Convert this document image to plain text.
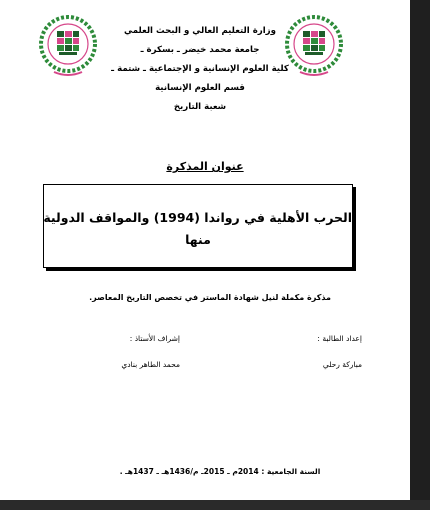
وزارة التعليم العالي و البحث العلمي
جامعة محمد خيضر ـ بسكرة ـ
كلية العلوم الإنسانية و الإجتماعية ـ شتمة ـ
قسم العلوم الإنسانية
شعبة التاريخ
عنوان المذكرة
الحرب الأهلية في رواندا (1994) والمواقف الدولية
منها
مذكرة مكملة لنيل شهادة الماستر في تخصص التاريخ المعاصر.
إعداد الطالبة :
إشراف الأستاذ :
مباركة رحلي
محمد الطاهر بنادي
السنة الجامعية : 2014م ـ 2015ـ م/1436هـ ـ 1437هـ .
